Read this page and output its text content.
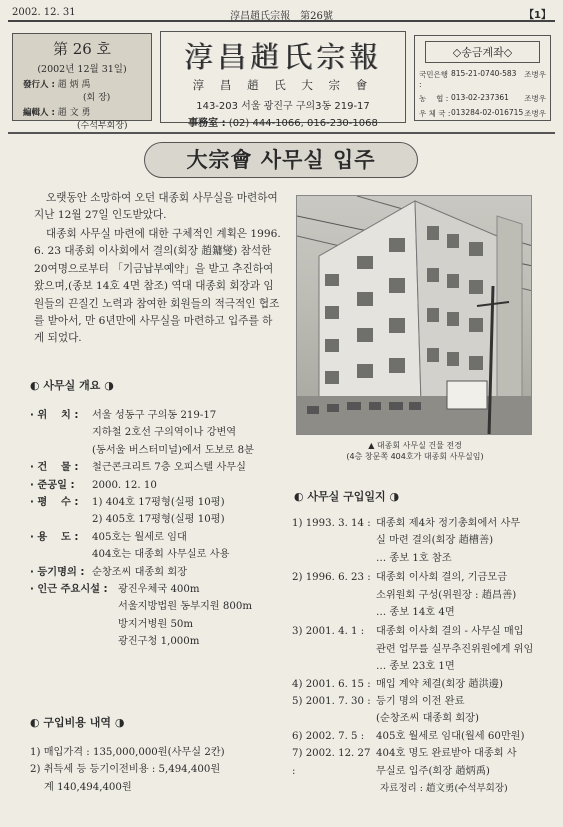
2002. 12. 31	淳昌趙氏宗報　第26號	【1】
第 26 호
(2002년 12월 31일)
發行人 : 趙 炳 禹
(회 장)
編輯人 : 趙 文 勇
(수석부회장)
淳昌趙氏宗報
淳 昌 趙 氏 大 宗 會
143-203 서울 광진구 구의3동 219-17
事務室 : (02) 444-1066, 016-230-1068
◇송금계좌◇
국민은행 :
815-21-0740-583	조병우
농　 협 : 013-02-237361	조병우
우 체 국 : 013284-02-016715 조병우
大宗會 사무실 입주
오랫동안 소망하여 오던 대종회 사무실을 마련하여 지난 12월 27일 인도받았다.
대종회 사무실 마련에 대한 구체적인 계획은 1996. 6. 23 대종회 이사회에서 결의(회장 趙鏞燮) 참석한 20여명으로부터 「기금납부예약」을 받고 추진하여 왔으며,(종보 14호 4면 참조) 역대 대종회 회장과 임원들의 끈질긴 노력과 참여한 회원들의 적극적인 협조를 받아서, 만 6년만에 사무실을 마련하고 입주를 하게 되었다.
▲ 대종회 사무실 건물 전경
(4층 창문쪽 404호가 대종회 사무실임)
◐ 사무실 개요 ◑
· 위　 치 :	서울 성동구 구의동 219-17
지하철 2호선 구의역이나 강변역
(동서울 버스터미널)에서 도보로 8분
· 건　 물 :	철근콘크리트 7층 오피스텔 사무실
· 준공일 :	2000. 12. 10
· 평　 수 :	1) 404호 17평형(실평 10평)
2) 405호 17평형(실평 10평)
· 용　 도 :	405호는 월세로 임대
404호는 대종회 사무실로 사용
· 등기명의 : 순창조씨 대종회 회장
· 인근 주요시설 :	광진우체국 400m
서울지방법원 동부지원 800m
방지거병원 50m
광진구청 1,000m
◐ 구입비용 내역 ◑
1) 매입가격 : 135,000,000원(사무실 2칸)
2) 취득세 등 등기이전비용 : 5,494,400원
계 140,494,400원
◐ 사무실 구입일지 ◑
1) 1993. 3. 14 : 대종회 제4차 정기총회에서 사무
실 마련 결의(회장 趙槽善)
… 종보 1호 참조
2) 1996. 6. 23 : 대종회 이사회 결의, 기금모금
소위원회 구성(위원장 : 趙昌善)
… 종보 14호 4면
3) 2001. 4. 1 :	대종회 이사회 결의 - 사무실 매입
관련 업무를 실무추진위원에게 위임
… 종보 23호 1면
4) 2001. 6. 15 : 매입 계약 체결(회장 趙洪邊)
5) 2001. 7. 30 : 등기 명의 이전 완료
(순창조씨 대종회 회장)
6) 2002. 7. 5 :	405호 월세로 임대(월세 60만원)
7) 2002. 12. 27 :
404호 명도 완료받아 대종회 사
무실로 입주(회장 趙炳禹)
자료정리 : 趙文勇(수석부회장)
